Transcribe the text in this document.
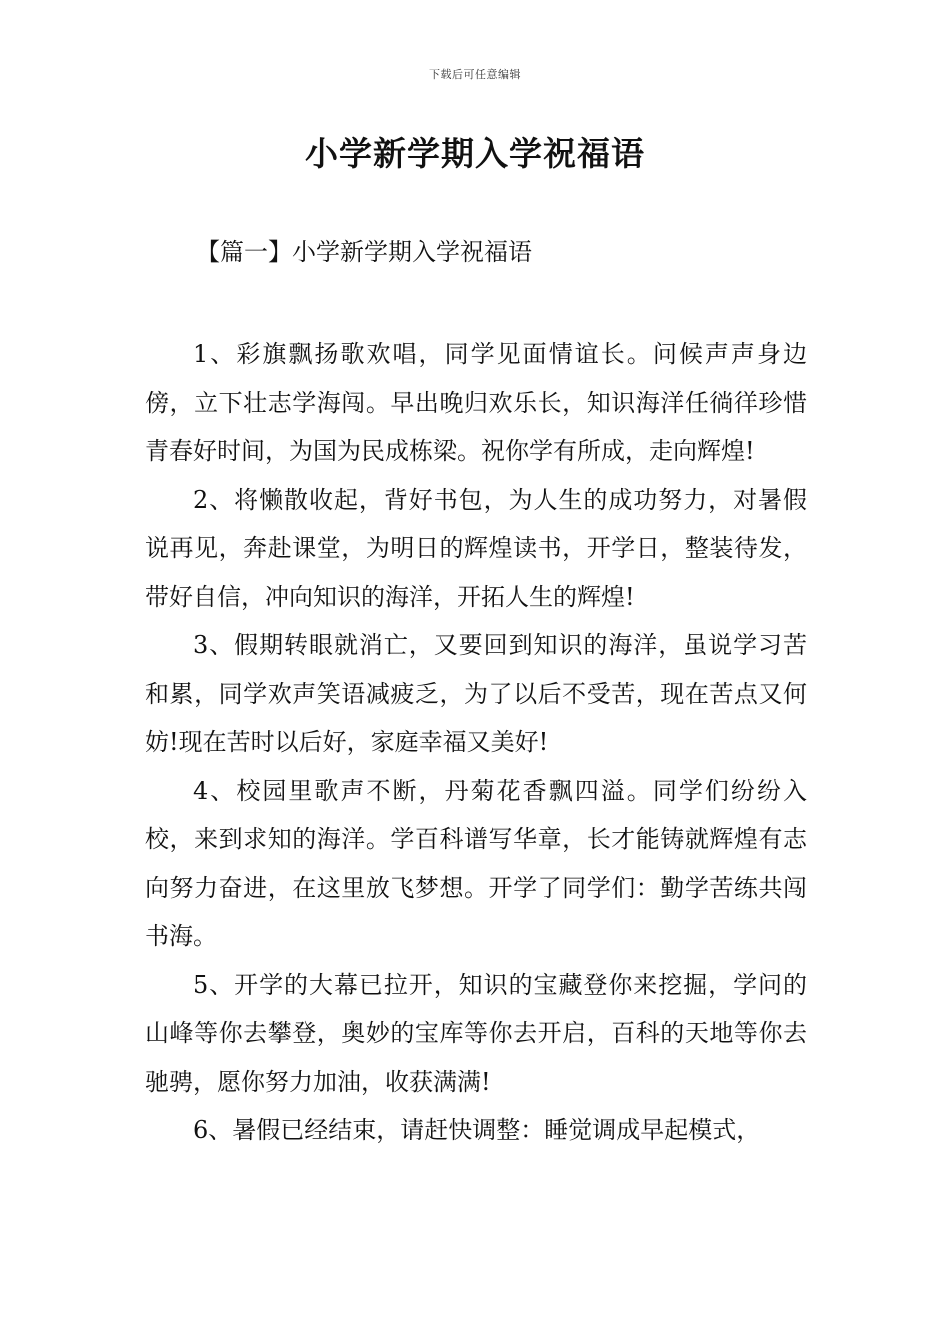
下载后可任意编辑
小学新学期入学祝福语
【篇一】小学新学期入学祝福语

1、彩旗飘扬歌欢唱，同学见面情谊长。问候声声身边傍，立下壮志学海闯。早出晚归欢乐长，知识海洋任徜徉珍惜青春好时间，为国为民成栋梁。祝你学有所成，走向辉煌!

2、将懒散收起，背好书包，为人生的成功努力，对暑假说再见，奔赴课堂，为明日的辉煌读书，开学日，整装待发，带好自信，冲向知识的海洋，开拓人生的辉煌!

3、假期转眼就消亡，又要回到知识的海洋，虽说学习苦和累，同学欢声笑语减疲乏，为了以后不受苦，现在苦点又何妨!现在苦时以后好，家庭幸福又美好!

4、校园里歌声不断，丹菊花香飘四溢。同学们纷纷入校，来到求知的海洋。学百科谱写华章，长才能铸就辉煌有志向努力奋进，在这里放飞梦想。开学了同学们：勤学苦练共闯书海。

5、开学的大幕已拉开，知识的宝藏登你来挖掘，学问的山峰等你去攀登，奥妙的宝库等你去开启，百科的天地等你去驰骋，愿你努力加油，收获满满!

6、暑假已经结束，请赶快调整：睡觉调成早起模式，
